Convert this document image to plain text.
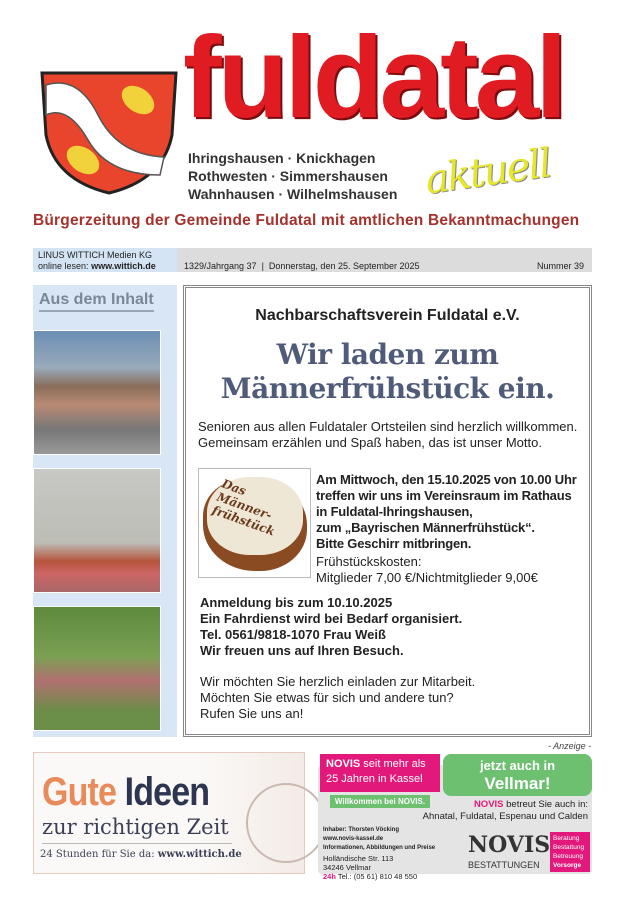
fuldatal
aktuell
Ihringshausen · Knickhagen
Rothwesten · Simmershausen
Wahnhausen · Wilhelmshausen
Bürgerzeitung der Gemeinde Fuldatal mit amtlichen Bekanntmachungen
LINUS WITTICH Medien KG
online lesen: www.wittich.de	1329/Jahrgang 37  |  Donnerstag, den 25. September 2025	Nummer 39
Aus dem Inhalt
Nachbarschaftsverein Fuldatal e.V.
Wir laden zum
Männerfrühstück ein.
Senioren aus allen Fuldataler Ortsteilen sind herzlich willkommen.
Gemeinsam erzählen und Spaß haben, das ist unser Motto.
Am Mittwoch, den 15.10.2025 von 10.00 Uhr
treffen wir uns im Vereinsraum im Rathaus
in Fuldatal-Ihringshausen,
zum „Bayrischen Männerfrühstück“.
Bitte Geschirr mitbringen.
Frühstückskosten:
Mitglieder 7,00 €/Nichtmitglieder 9,00€
Anmeldung bis zum 10.10.2025
Ein Fahrdienst wird bei Bedarf organisiert.
Tel. 0561/9818-1070 Frau Weiß
Wir freuen uns auf Ihren Besuch.
Wir möchten Sie herzlich einladen zur Mitarbeit.
Möchten Sie etwas für sich und andere tun?
Rufen Sie uns an!
Das Männer-frühstück
- Anzeige -
Gute Ideen
zur richtigen Zeit
24 Stunden für Sie da: www.wittich.de
NOVIS seit mehr als
25 Jahren in Kassel
Willkommen bei NOVIS.
jetzt auch in
Vellmar!
NOVIS betreut Sie auch in:
Ahnatal, Fuldatal, Espenau und Calden
Inhaber: Thorsten Vöcking
www.novis-kassel.de
Informationen, Abbildungen und Preise
Holländische Str. 113
34246 Vellmar
24h Tel.: (05 61) 810 48 550
NOVIS
BESTATTUNGEN
Beratung
Bestattung
Betreuung
Vorsorge
